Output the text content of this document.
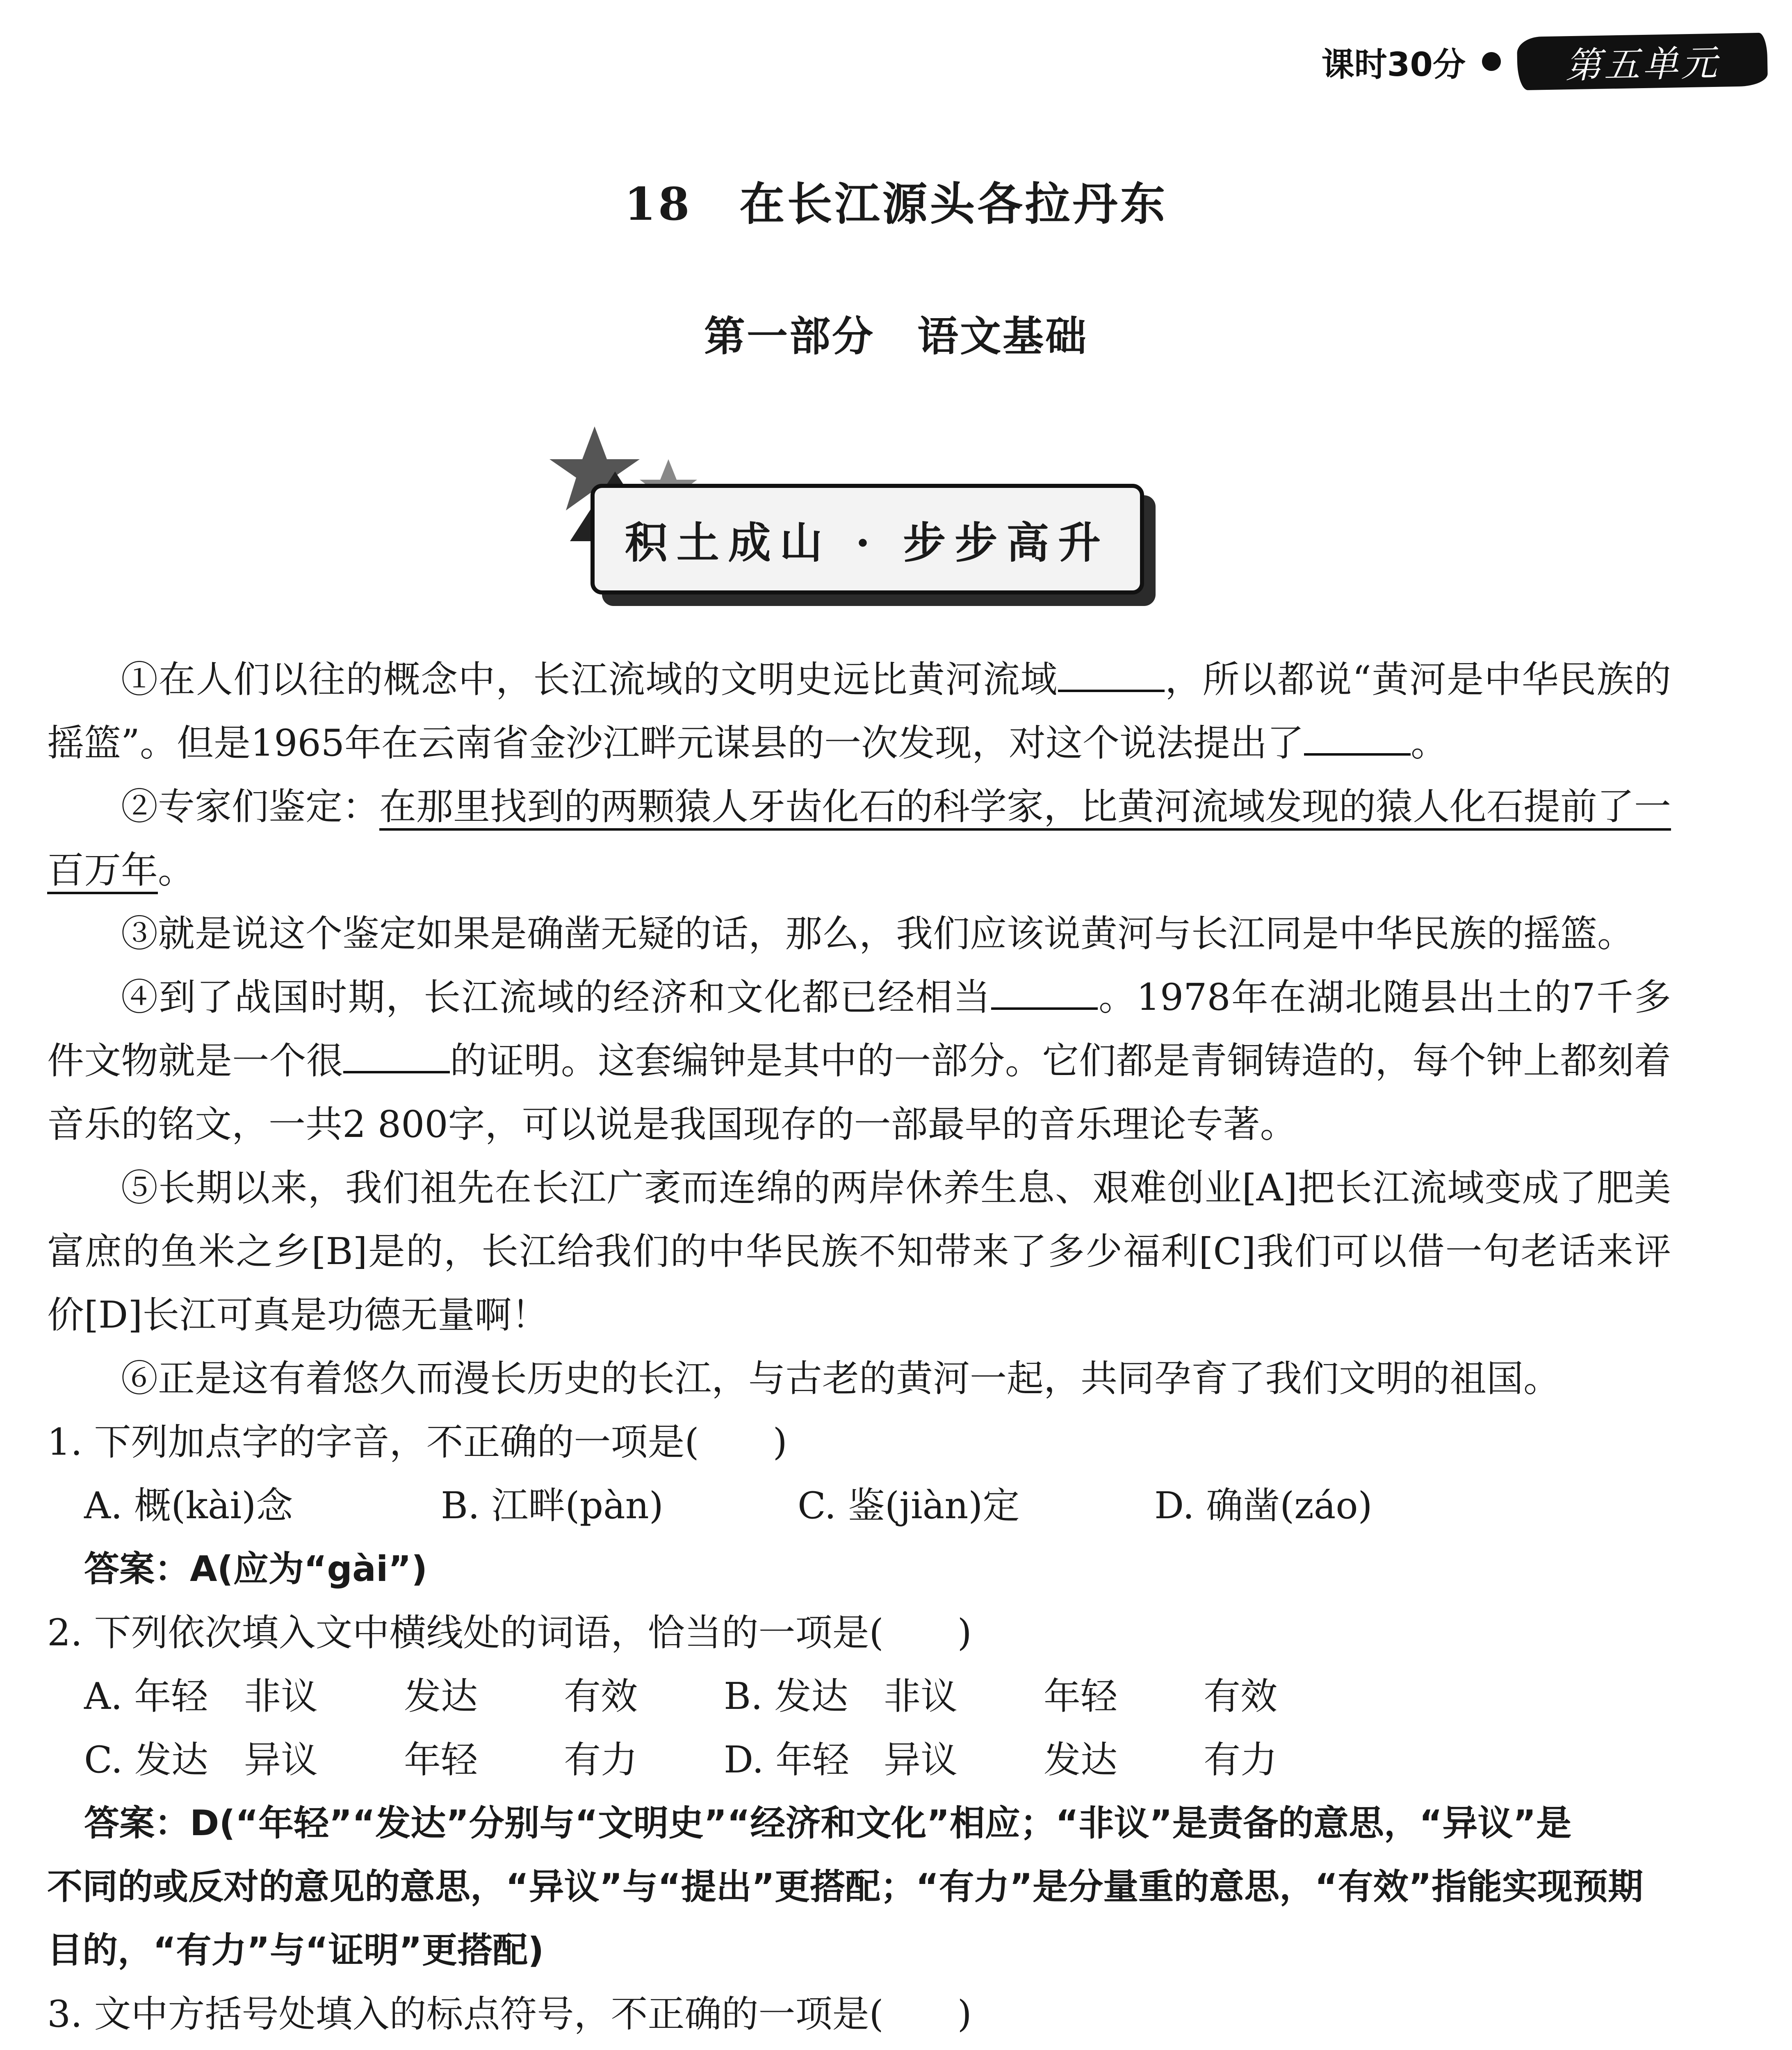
课时30分	第五单元
18　在长江源头各拉丹东
第一部分　语文基础
积土成山 · 步步高升

①在人们以往的概念中，长江流域的文明史远比黄河流域	，所以都说“黄河是中华民族的摇篮”。但是1965年在云南省金沙江畔元谋县的一次发现，对这个说法提出了	。

②专家们鉴定：在那里找到的两颗猿人牙齿化石的科学家，比黄河流域发现的猿人化石提前了一百万年。

③就是说这个鉴定如果是确凿无疑的话，那么，我们应该说黄河与长江同是中华民族的摇篮。

④到了战国时期，长江流域的经济和文化都已经相当	。1978年在湖北随县出土的7千多件文物就是一个很	的证明。这套编钟是其中的一部分。它们都是青铜铸造的，每个钟上都刻着音乐的铭文，一共2 800字，可以说是我国现存的一部最早的音乐理论专著。

⑤长期以来，我们祖先在长江广袤而连绵的两岸休养生息、艰难创业[A]把长江流域变成了肥美富庶的鱼米之乡[B]是的，长江给我们的中华民族不知带来了多少福利[C]我们可以借一句老话来评价[D]长江可真是功德无量啊！

⑥正是这有着悠久而漫长历史的长江，与古老的黄河一起，共同孕育了我们文明的祖国。

1. 下列加点字的字音，不正确的一项是(　　)

A. 概(kài)念	B. 江畔(pàn)	C. 鉴(jiàn)定	D. 确凿(záo)

答案：A(应为“gài”)

2. 下列依次填入文中横线处的词语，恰当的一项是(　　)

A. 年轻 非议	发达	有效	B. 发达 非议	年轻	有效
C. 发达 异议	年轻	有力	D. 年轻 异议	发达	有力

答案：D(“年轻”“发达”分别与“文明史”“经济和文化”相应；“非议”是责备的意思，“异议”是

不同的或反对的意见的意思，“异议”与“提出”更搭配；“有力”是分量重的意思，“有效”指能实现预期目的，“有力”与“证明”更搭配)

3. 文中方括号处填入的标点符号，不正确的一项是(　　)
